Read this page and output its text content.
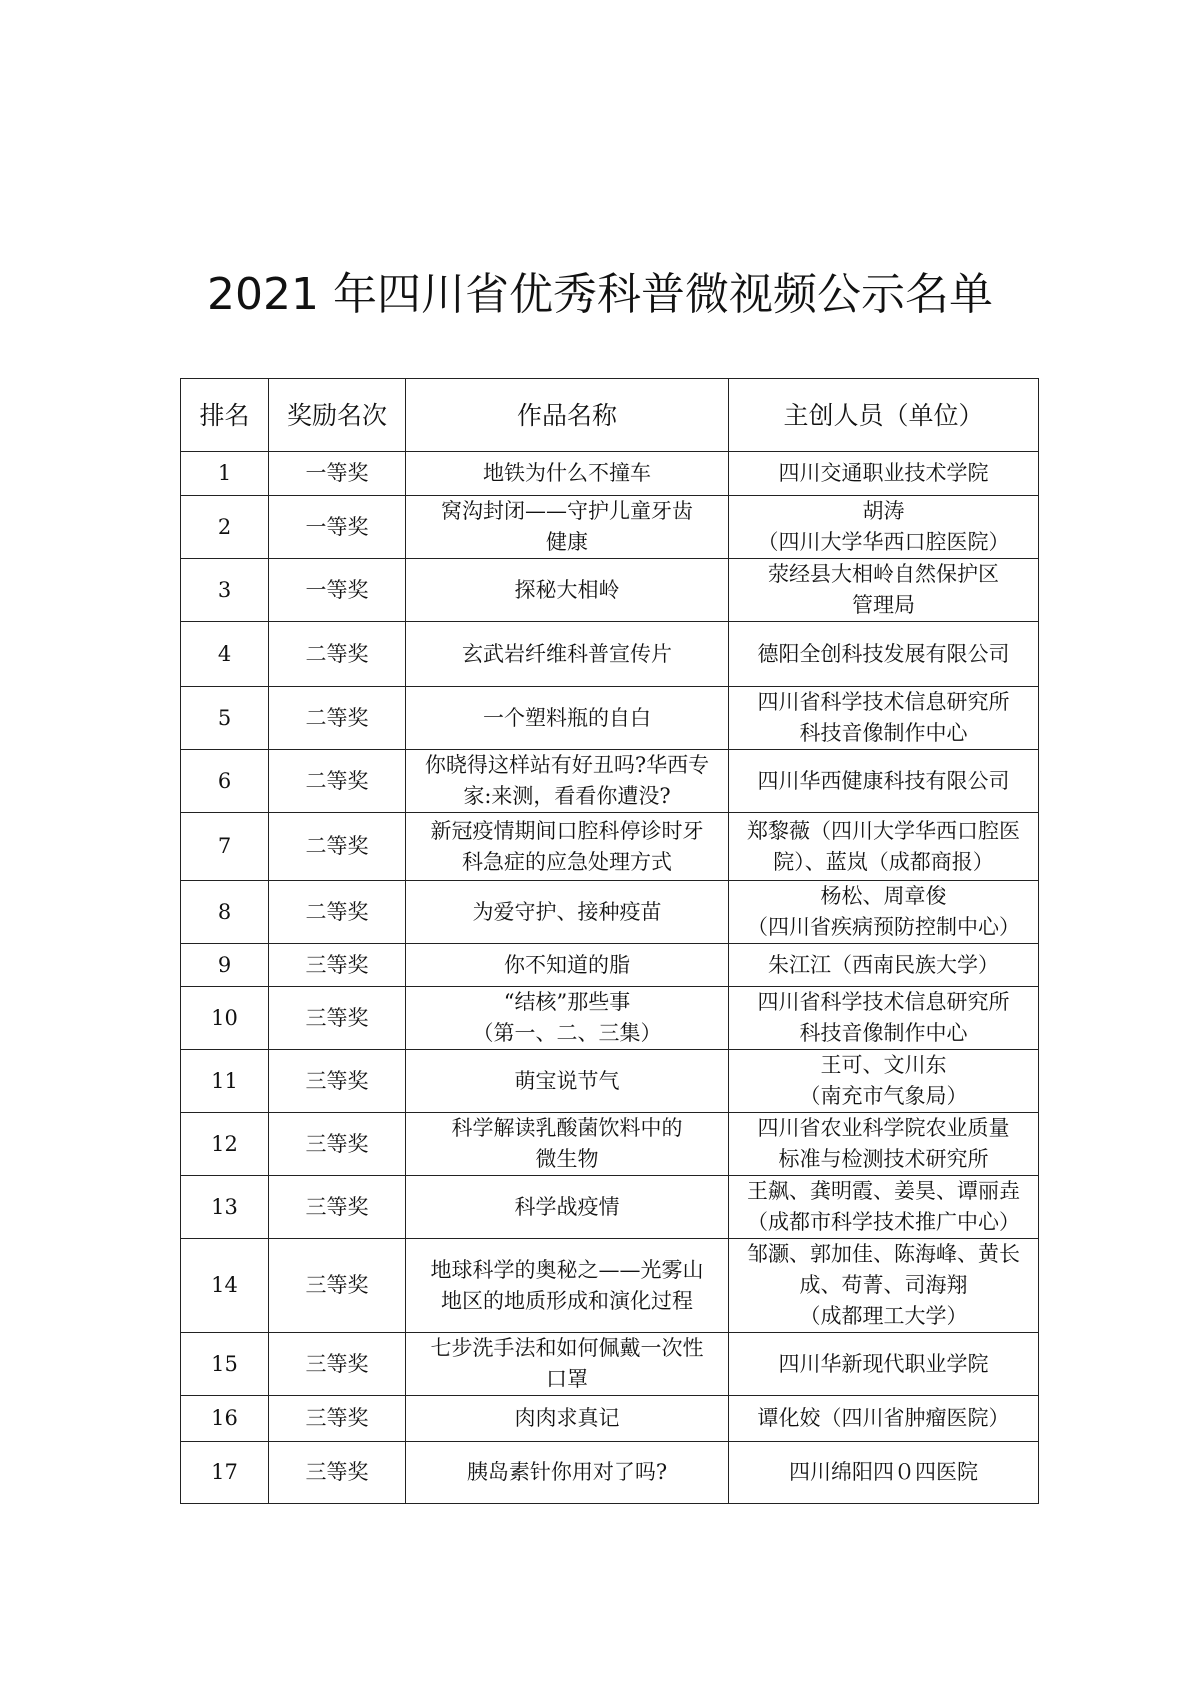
2021 年四川省优秀科普微视频公示名单
排名	奖励名次	作品名称	主创人员（单位）
1	一等奖	地铁为什么不撞车	四川交通职业技术学院
2	一等奖	窝沟封闭——守护儿童牙齿
健康	胡涛
（四川大学华西口腔医院）
3	一等奖	探秘大相岭	荥经县大相岭自然保护区
管理局
4	二等奖	玄武岩纤维科普宣传片	德阳全创科技发展有限公司
5	二等奖	一个塑料瓶的自白	四川省科学技术信息研究所
科技音像制作中心
6	二等奖	你晓得这样站有好丑吗?华西专
家:来测，看看你遭没?	四川华西健康科技有限公司
7	二等奖	新冠疫情期间口腔科停诊时牙
科急症的应急处理方式	郑黎薇（四川大学华西口腔医
院）、蓝岚（成都商报）
8	二等奖	为爱守护、接种疫苗	杨松、周章俊
（四川省疾病预防控制中心）
9	三等奖	你不知道的脂	朱江江（西南民族大学）
10	三等奖	“结核”那些事
（第一、二、三集）	四川省科学技术信息研究所
科技音像制作中心
11	三等奖	萌宝说节气	王可、文川东
（南充市气象局）
12	三等奖	科学解读乳酸菌饮料中的
微生物	四川省农业科学院农业质量
标准与检测技术研究所
13	三等奖	科学战疫情	王飙、龚明霞、姜昊、谭丽垚
（成都市科学技术推广中心）
14	三等奖	地球科学的奥秘之——光雾山
地区的地质形成和演化过程	邹灏、郭加佳、陈海峰、黄长
成、苟菁、司海翔
（成都理工大学）
15	三等奖	七步洗手法和如何佩戴一次性
口罩	四川华新现代职业学院
16	三等奖	肉肉求真记	谭化姣（四川省肿瘤医院）
17	三等奖	胰岛素针你用对了吗?	四川绵阳四０四医院
